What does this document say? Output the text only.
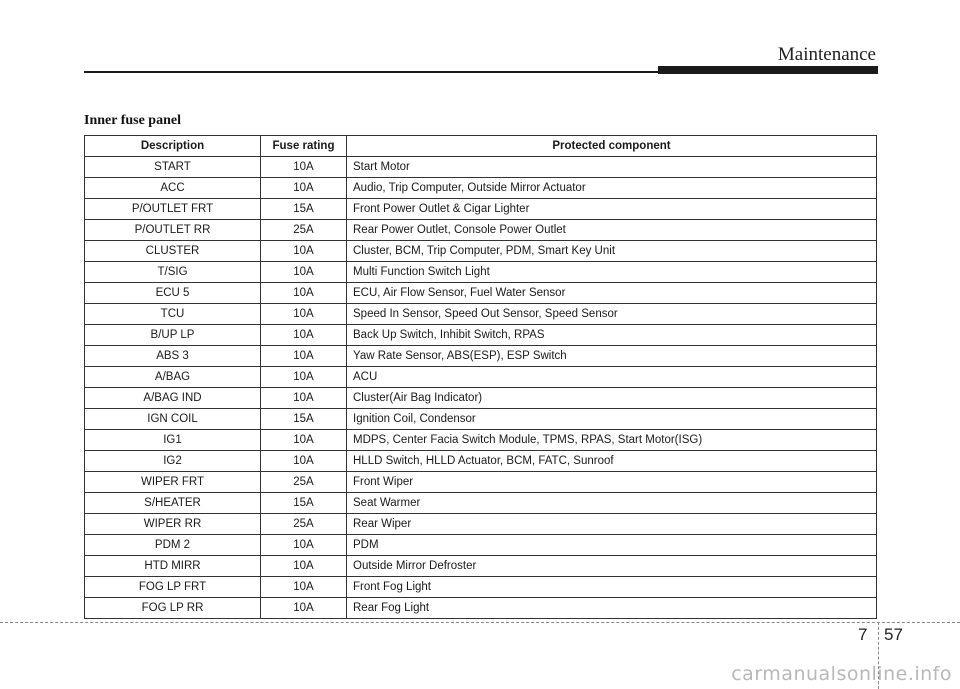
Maintenance
Inner fuse panel
Description	Fuse rating	Protected component
START	10A	Start Motor
ACC	10A	Audio, Trip Computer, Outside Mirror Actuator
P/OUTLET FRT	15A	Front Power Outlet & Cigar Lighter
P/OUTLET RR	25A	Rear Power Outlet, Console Power Outlet
CLUSTER	10A	Cluster, BCM, Trip Computer, PDM, Smart Key Unit
T/SIG	10A	Multi Function Switch Light
ECU 5	10A	ECU, Air Flow Sensor, Fuel Water Sensor
TCU	10A	Speed In Sensor, Speed Out Sensor, Speed Sensor
B/UP LP	10A	Back Up Switch, Inhibit Switch, RPAS
ABS 3	10A	Yaw Rate Sensor, ABS(ESP), ESP Switch
A/BAG	10A	ACU
A/BAG IND	10A	Cluster(Air Bag Indicator)
IGN COIL	15A	Ignition Coil, Condensor
IG1	10A	MDPS, Center Facia Switch Module, TPMS, RPAS, Start Motor(ISG)
IG2	10A	HLLD Switch, HLLD Actuator, BCM, FATC, Sunroof
WIPER FRT	25A	Front Wiper
S/HEATER	15A	Seat Warmer
WIPER RR	25A	Rear Wiper
PDM 2	10A	PDM
HTD MIRR	10A	Outside Mirror Defroster
FOG LP FRT	10A	Front Fog Light
FOG LP RR	10A	Rear Fog Light
7 57
carmanualsonline.info
